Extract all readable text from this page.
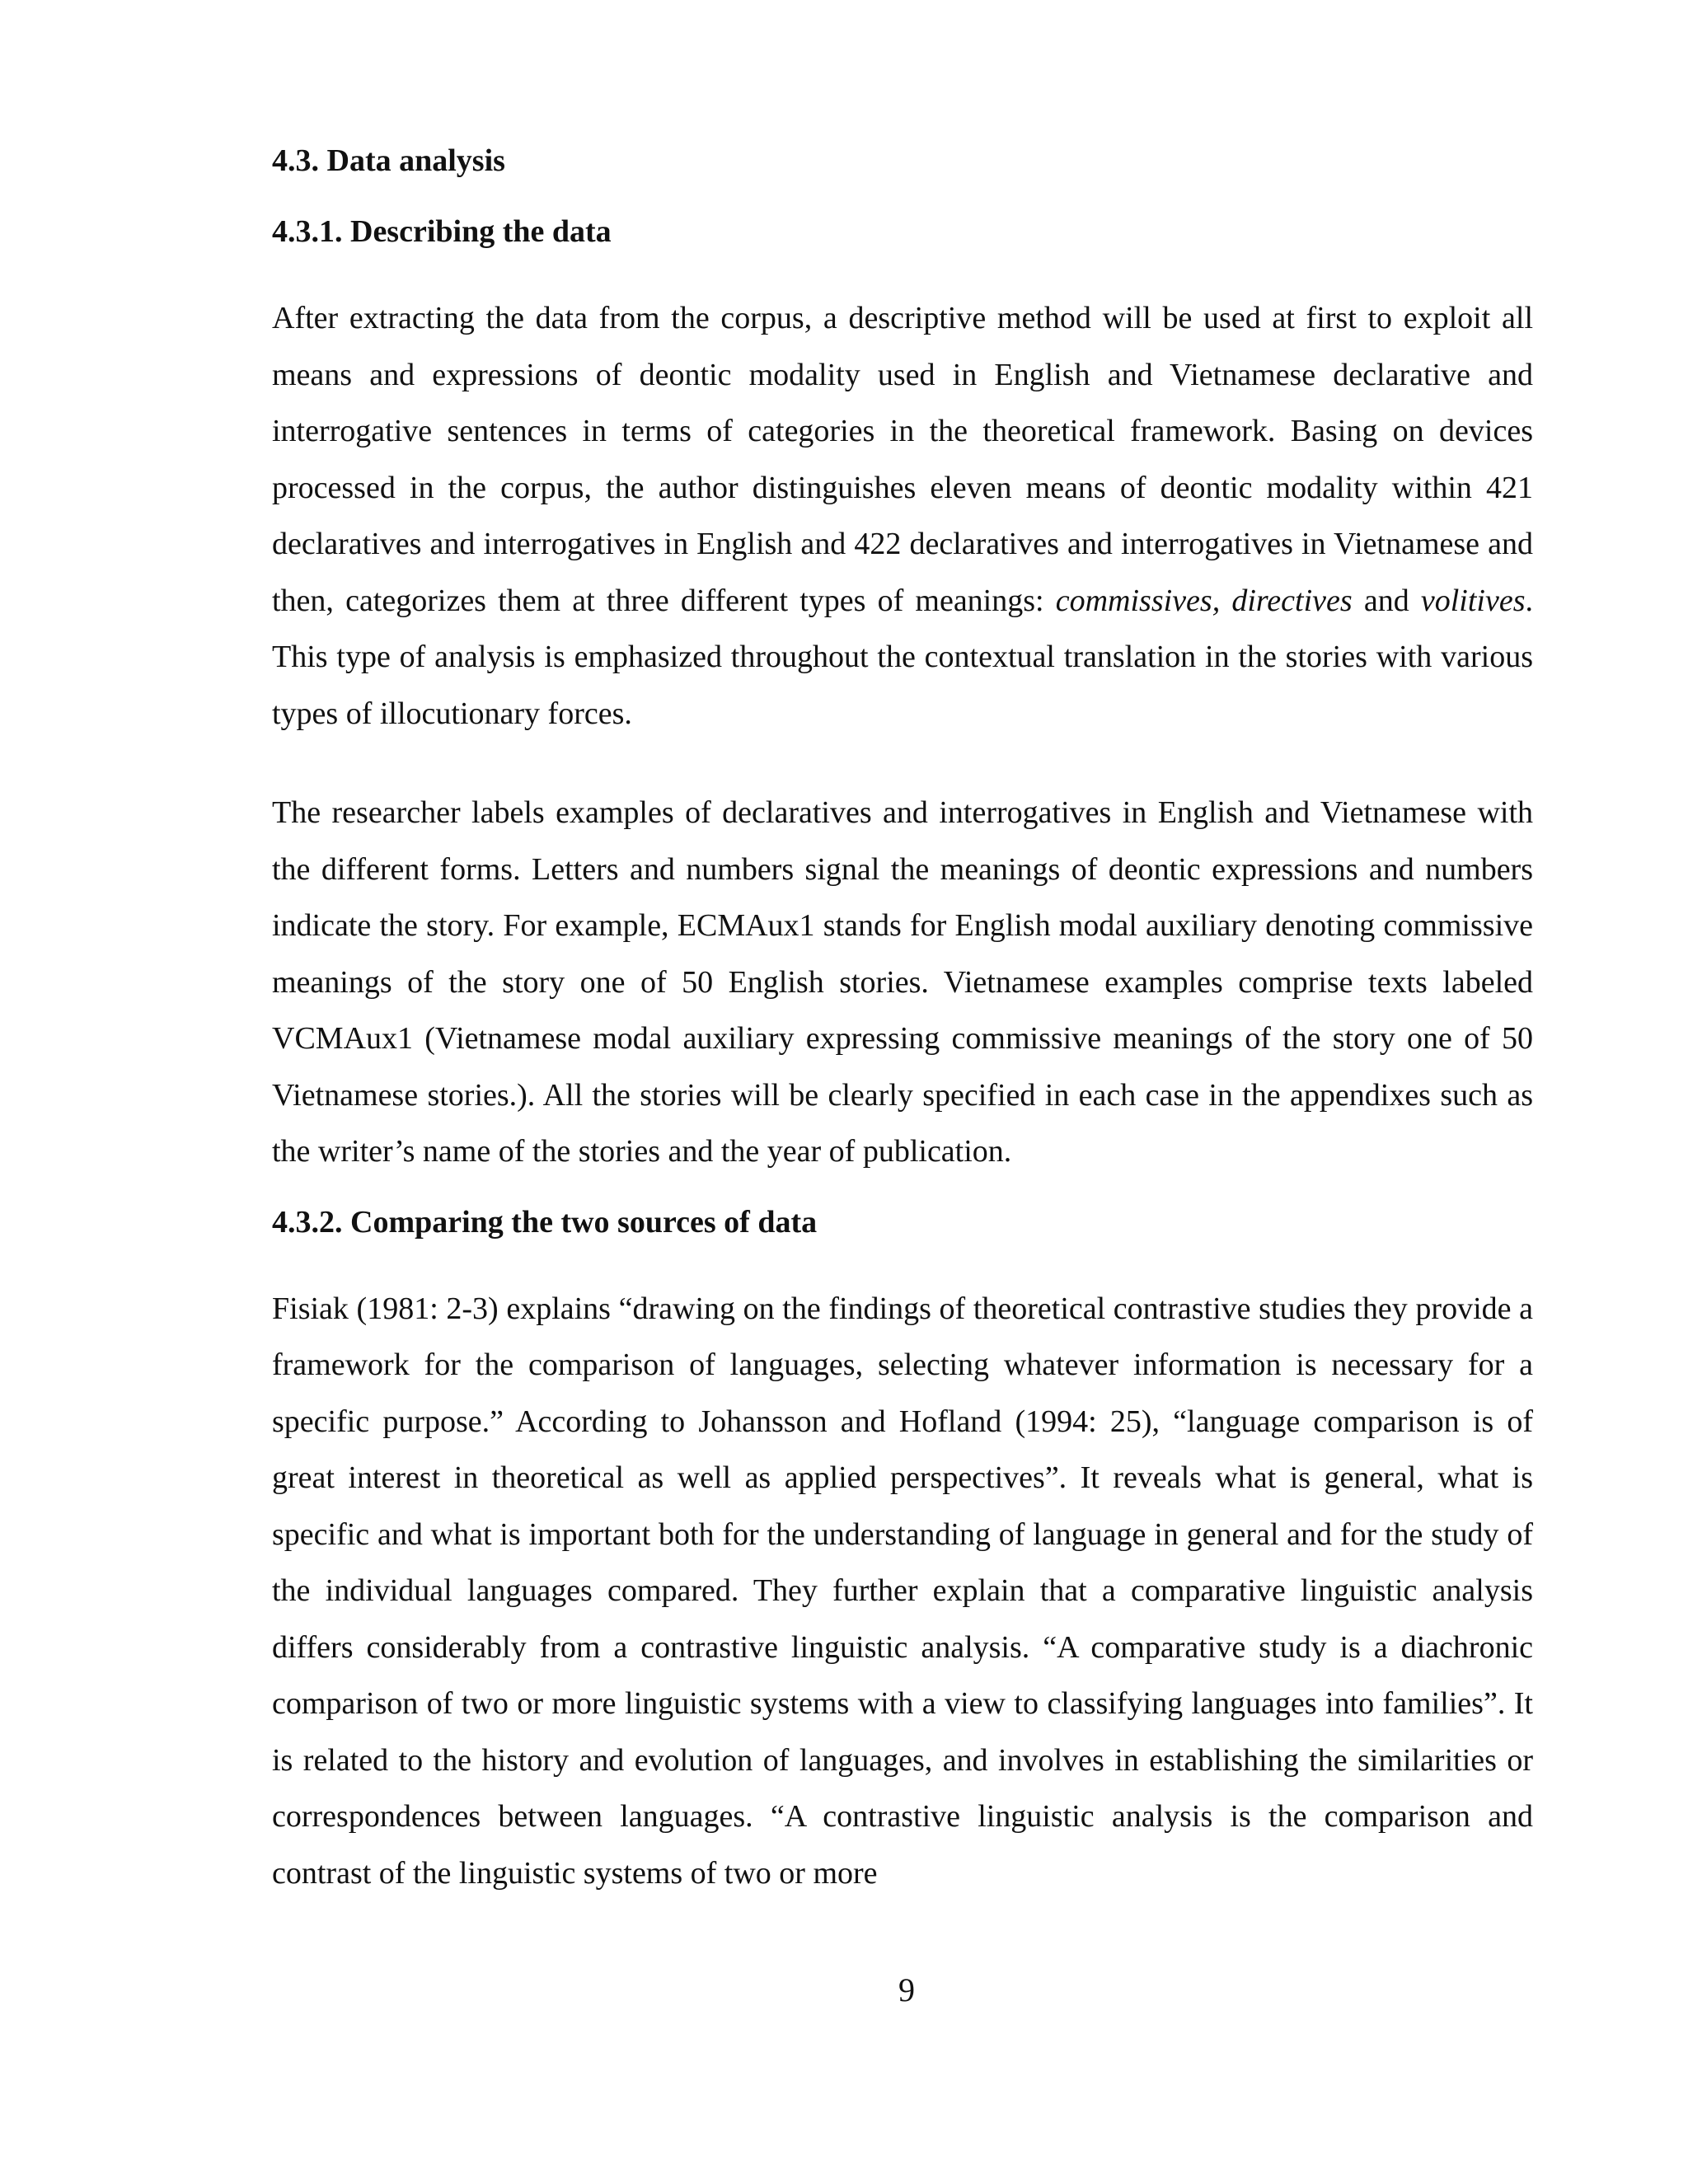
4.3. Data analysis
4.3.1. Describing the data

After extracting the data from the corpus, a descriptive method will be used at first to exploit all means and expressions of deontic modality used in English and Vietnamese declarative and interrogative sentences in terms of categories in the theoretical framework. Basing on devices processed in the corpus, the author distinguishes eleven means of deontic modality within 421 declaratives and interrogatives in English and 422 declaratives and interrogatives in Vietnamese and then, categorizes them at three different types of meanings: commissives, directives and volitives. This type of analysis is emphasized throughout the contextual translation in the stories with various types of illocutionary forces.

The researcher labels examples of declaratives and interrogatives in English and Vietnamese with the different forms. Letters and numbers signal the meanings of deontic expressions and numbers indicate the story. For example, ECMAux1 stands for English modal auxiliary denoting commissive meanings of the story one of 50 English stories. Vietnamese examples comprise texts labeled VCMAux1 (Vietnamese modal auxiliary expressing commissive meanings of the story one of 50 Vietnamese stories.). All the stories will be clearly specified in each case in the appendixes such as the writer’s name of the stories and the year of publication.

4.3.2. Comparing the two sources of data

Fisiak (1981: 2-3) explains “drawing on the findings of theoretical contrastive studies they provide a framework for the comparison of languages, selecting whatever information is necessary for a specific purpose.” According to Johansson and Hofland (1994: 25), “language comparison is of great interest in theoretical as well as applied perspectives”. It reveals what is general, what is specific and what is important both for the understanding of language in general and for the study of the individual languages compared. They further explain that a comparative linguistic analysis differs considerably from a contrastive linguistic analysis. “A comparative study is a diachronic comparison of two or more linguistic systems with a view to classifying languages into families”. It is related to the history and evolution of languages, and involves in establishing the similarities or correspondences between languages. “A contrastive linguistic analysis is the comparison and contrast of the linguistic systems of two or more

9
